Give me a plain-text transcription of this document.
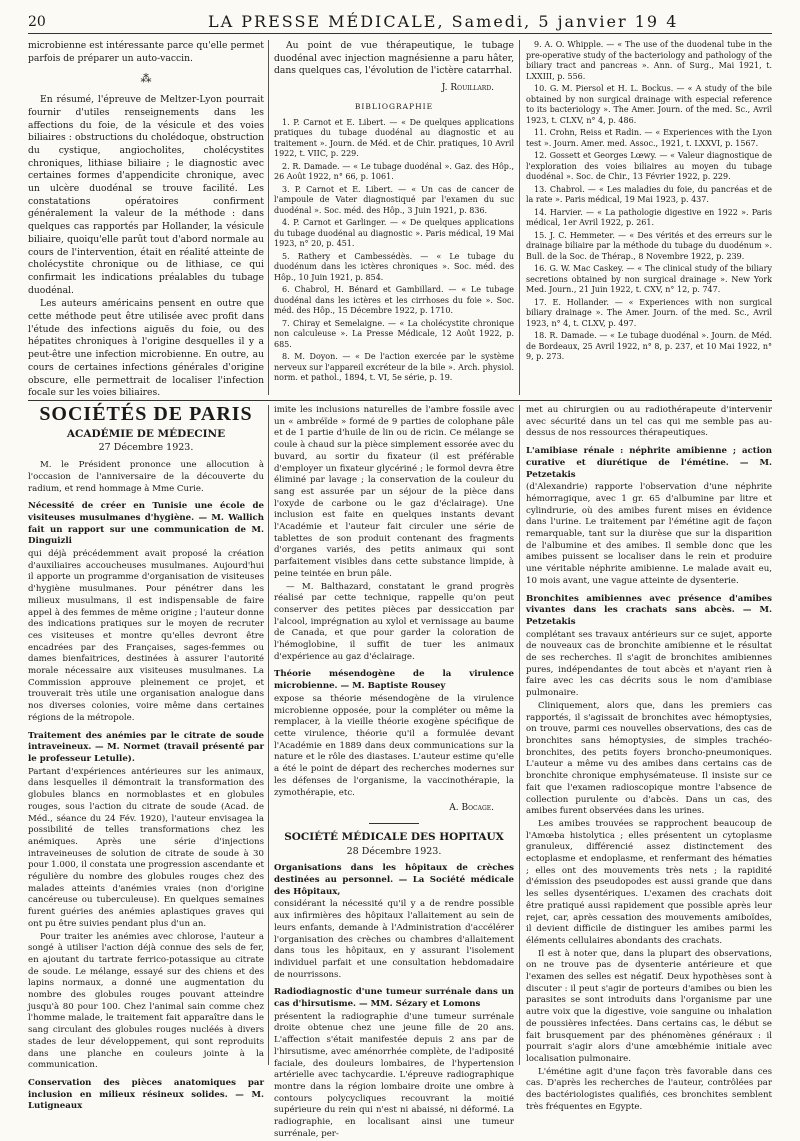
20	LA PRESSE MÉDICALE, Samedi, 5 janvier 19 4

microbienne est intéressante parce qu'elle permet parfois de préparer un auto-vaccin.

⁂

En résumé, l'épreuve de Meltzer-Lyon pourrait fournir d'utiles renseignements dans les affections du foie, de la vésicule et des voies biliaires : obstructions du cholédoque, obstruction du cystique, angiocholites, cholécystites chroniques, lithiase biliaire ; le diagnostic avec certaines formes d'appendicite chronique, avec un ulcère duodénal se trouve facilité. Les constatations opératoires confirment généralement la valeur de la méthode : dans quelques cas rapportés par Hollander, la vésicule biliaire, quoiqu'elle parût tout d'abord normale au cours de l'intervention, était en réalité atteinte de cholécystite chronique ou de lithiase, ce qui confirmait les indications préalables du tubage duodénal.

Les auteurs américains pensent en outre que cette méthode peut être utilisée avec profit dans l'étude des infections aiguës du foie, ou des hépatites chroniques à l'origine desquelles il y a peut-être une infection microbienne. En outre, au cours de certaines infections générales d'origine obscure, elle permettrait de localiser l'infection focale sur les voies biliaires.

Au point de vue thérapeutique, le tubage duodénal avec injection magnésienne a paru hâter, dans quelques cas, l'évolution de l'ictère catarrhal.

J. Rouillard.
BIBLIOGRAPHIE
1. P. Carnot et E. Libert. — « De quelques applications pratiques du tubage duodénal au diagnostic et au traitement ». Journ. de Méd. et de Chir. pratiques, 10 Avril 1922, t. VIIC, p. 229.
2. R. Damade. — « Le tubage duodénal ». Gaz. des Hôp., 26 Août 1922, n° 66, p. 1061.
3. P. Carnot et E. Libert. — « Un cas de cancer de l'ampoule de Vater diagnostiqué par l'examen du suc duodénal ». Soc. méd. des Hôp., 3 Juin 1921, p. 836.
4. P. Carnot et Garlinger. — « De quelques applications du tubage duodénal au diagnostic ». Paris médical, 19 Mai 1923, n° 20, p. 451.
5. Rathery et Cambessédès. — « Le tubage du duodénum dans les ictères chroniques ». Soc. méd. des Hôp., 10 Juin 1921, p. 854.
6. Chabrol, H. Bénard et Gambillard. — « Le tubage duodénal dans les ictères et les cirrhoses du foie ». Soc. méd. des Hôp., 15 Décembre 1922, p. 1710.
7. Chiray et Semelaigne. — « La cholécystite chronique non calculeuse ». La Presse Médicale, 12 Août 1922, p. 685.
8. M. Doyon. — « De l'action exercée par le système nerveux sur l'appareil excréteur de la bile ». Arch. physiol. norm. et pathol., 1894, t. VI, 5e série, p. 19.
9. A. O. Whipple. — « The use of the duodenal tube in the pre-operative study of the bacteriology and pathology of the biliary tract and pancreas ». Ann. of Surg., Mai 1921, t. LXXIII, p. 556.
10. G. M. Piersol et H. L. Bockus. — « A study of the bile obtained by non surgical drainage with especial reference to its bacteriology ». The Amer. Journ. of the med. Sc., Avril 1923, t. CLXV, n° 4, p. 486.
11. Crohn, Reiss et Radin. — « Experiences with the Lyon test ». Journ. Amer. med. Assoc., 1921, t. LXXVI, p. 1567.
12. Gossett et Georges Lœwy. — « Valeur diagnostique de l'exploration des voies biliaires au moyen du tubage duodénal ». Soc. de Chir., 13 Février 1922, p. 229.
13. Chabrol. — « Les maladies du foie, du pancréas et de la rate ». Paris médical, 19 Mai 1923, p. 437.
14. Harvier. — « La pathologie digestive en 1922 ». Paris médical, 1er Avril 1922, p. 261.
15. J. C. Hemmeter. — « Des vérités et des erreurs sur le drainage biliaire par la méthode du tubage du duodénum ». Bull. de la Soc. de Thérap., 8 Novembre 1922, p. 239.
16. G. W. Mac Caskey. — « The clinical study of the biliary secretions obtained by non surgical drainage ». New York Med. Journ., 21 Juin 1922, t. CXV, n° 12, p. 747.
17. E. Hollander. — « Experiences with non surgical biliary drainage ». The Amer. Journ. of the med. Sc., Avril 1923, n° 4, t. CLXV, p. 497.
18. R. Damade. — « Le tubage duodénal ». Journ. de Méd. de Bordeaux, 25 Avril 1922, n° 8, p. 237, et 10 Mai 1922, n° 9, p. 273.
SOCIÉTÉS DE PARIS
ACADÉMIE DE MÉDECINE
27 Décembre 1923.

M. le Président prononce une allocution à l'occasion de l'anniversaire de la découverte du radium, et rend hommage à Mme Curie.

Nécessité de créer en Tunisie une école de visiteuses musulmanes d'hygiène. — M. Wallich fait un rapport sur une communication de M. Dinguizli

qui déjà précédemment avait proposé la création d'auxiliaires accoucheuses musulmanes. Aujourd'hui il apporte un programme d'organisation de visiteuses d'hygiène musulmanes. Pour pénétrer dans les milieux musulmans, il est indispensable de faire appel à des femmes de même origine ; l'auteur donne des indications pratiques sur le moyen de recruter ces visiteuses et montre qu'elles devront être encadrées par des Françaises, sages-femmes ou dames bienfaitrices, destinées à assurer l'autorité morale nécessaire aux visiteuses musulmanes. La Commission approuve pleinement ce projet, et trouverait très utile une organisation analogue dans nos diverses colonies, voire même dans certaines régions de la métropole.

Traitement des anémies par le citrate de soude intraveineux. — M. Normet (travail présenté par le professeur Letulle).

Partant d'expériences antérieures sur les animaux, dans lesquelles il démontrait la transformation des globules blancs en normoblastes et en globules rouges, sous l'action du citrate de soude (Acad. de Méd., séance du 24 Fév. 1920), l'auteur envisagea la possibilité de telles transformations chez les anémiques. Après une série d'injections intraveineuses de solution de citrate de soude à 30 pour 1.000, il constata une progression ascendante et régulière du nombre des globules rouges chez des malades atteints d'anémies vraies (non d'origine cancéreuse ou tuberculeuse). En quelques semaines furent guéries des anémies aplastiques graves qui ont pu être suivies pendant plus d'un an.

Pour traiter les anémies avec chlorose, l'auteur a songé à utiliser l'action déjà connue des sels de fer, en ajoutant du tartrate ferrico-potassique au citrate de soude. Le mélange, essayé sur des chiens et des lapins normaux, a donné une augmentation du nombre des globules rouges pouvant atteindre jusqu'à 80 pour 100. Chez l'animal sain comme chez l'homme malade, le traitement fait apparaître dans le sang circulant des globules rouges nucléés à divers stades de leur développement, qui sont reproduits dans une planche en couleurs jointe à la communication.

Conservation des pièces anatomiques par inclusion en milieux résineux solides. — M. Lutigneaux

imite les inclusions naturelles de l'ambre fossile avec un « ambréïde » formé de 9 parties de colophane pâle et de 1 partie d'huile de lin ou de ricin. Ce mélange se coule à chaud sur la pièce simplement essorée avec du buvard, au sortir du fixateur (il est préférable d'employer un fixateur glycériné ; le formol devra être éliminé par lavage ; la conservation de la couleur du sang est assurée par un séjour de la pièce dans l'oxyde de carbone ou le gaz d'éclairage). Une inclusion est faite en quelques instants devant l'Académie et l'auteur fait circuler une série de tablettes de son produit contenant des fragments d'organes variés, des petits animaux qui sont parfaitement visibles dans cette substance limpide, à peine teintée en brun pâle.

— M. Balthazard, constatant le grand progrès réalisé par cette technique, rappelle qu'on peut conserver des petites pièces par dessiccation par l'alcool, imprégnation au xylol et vernissage au baume de Canada, et que pour garder la coloration de l'hémoglobine, il suffit de tuer les animaux d'expérience au gaz d'éclairage.

Théorie mésendogène de la virulence microbienne. — M. Baptiste Rousey

expose sa théorie mésendogène de la virulence microbienne opposée, pour la compléter ou même la remplacer, à la vieille théorie exogène spécifique de cette virulence, théorie qu'il a formulée devant l'Académie en 1889 dans deux communications sur la nature et le rôle des diastases. L'auteur estime qu'elle a été le point de départ des recherches modernes sur les défenses de l'organisme, la vaccinothérapie, la zymothérapie, etc.

A. Bocage.
SOCIÉTÉ MÉDICALE DES HOPITAUX
28 Décembre 1923.

Organisations dans les hôpitaux de crèches destinées au personnel. — La Société médicale des Hôpitaux,

considérant la nécessité qu'il y a de rendre possible aux infirmières des hôpitaux l'allaitement au sein de leurs enfants, demande à l'Administration d'accélérer l'organisation des crèches ou chambres d'allaitement dans tous les hôpitaux, en y assurant l'isolement individuel parfait et une consultation hebdomadaire de nourrissons.

Radiodiagnostic d'une tumeur surrénale dans un cas d'hirsutisme. — MM. Sézary et Lomons

présentent la radiographie d'une tumeur surrénale droite obtenue chez une jeune fille de 20 ans. L'affection s'était manifestée depuis 2 ans par de l'hirsutisme, avec aménorrhée complète, de l'adiposité faciale, des douleurs lombaires, de l'hypertension artérielle avec tachycardie. L'épreuve radiographique montre dans la région lombaire droite une ombre à contours polycycliques recouvrant la moitié supérieure du rein qui n'est ni abaissé, ni déformé. La radiographie, en localisant ainsi une tumeur surrénale, per-

met au chirurgien ou au radiothérapeute d'intervenir avec sécurité dans un tel cas qui me semble pas au-dessus de nos ressources thérapeutiques.

L'amibiase rénale : néphrite amibienne ; action curative et diurétique de l'émétine. — M. Petzetakis

(d'Alexandrie) rapporte l'observation d'une néphrite hémorragique, avec 1 gr. 65 d'albumine par litre et cylindrurie, où des amibes furent mises en évidence dans l'urine. Le traitement par l'émétine agit de façon remarquable, tant sur la diurèse que sur la disparition de l'albumine et des amibes. Il semble donc que les amibes puissent se localiser dans le rein et produire une véritable néphrite amibienne. Le malade avait eu, 10 mois avant, une vague atteinte de dysenterie.

Bronchites amibiennes avec présence d'amibes vivantes dans les crachats sans abcès. — M. Petzetakis

complétant ses travaux antérieurs sur ce sujet, apporte de nouveaux cas de bronchite amibienne et le résultat de ses recherches. Il s'agit de bronchites amibiennes pures, indépendantes de tout abcès et n'ayant rien à faire avec les cas décrits sous le nom d'amibiase pulmonaire.

Cliniquement, alors que, dans les premiers cas rapportés, il s'agissait de bronchites avec hémoptysies, on trouve, parmi ces nouvelles observations, des cas de bronchites sans hémoptysies, de simples trachéo-bronchites, des petits foyers broncho-pneumoniques. L'auteur a même vu des amibes dans certains cas de bronchite chronique emphysémateuse. Il insiste sur ce fait que l'examen radioscopique montre l'absence de collection purulente ou d'abcès. Dans un cas, des amibes furent observées dans les urines.

Les amibes trouvées se rapprochent beaucoup de l'Amœba histolytica ; elles présentent un cytoplasme granuleux, différencié assez distinctement des ectoplasme et endoplasme, et renfermant des hématies ; elles ont des mouvements très nets ; la rapidité d'émission des pseudopodes est aussi grande que dans les selles dysentériques. L'examen des crachats doit être pratiqué aussi rapidement que possible après leur rejet, car, après cessation des mouvements amiboïdes, il devient difficile de distinguer les amibes parmi les éléments cellulaires abondants des crachats.

Il est à noter que, dans la plupart des observations, on ne trouve pas de dysenterie antérieure et que l'examen des selles est négatif. Deux hypothèses sont à discuter : il peut s'agir de porteurs d'amibes ou bien les parasites se sont introduits dans l'organisme par une autre voix que la digestive, voie sanguine ou inhalation de poussières infectées. Dans certains cas, le début se fait brusquement par des phénomènes généraux : il pourrait s'agir alors d'une amœbhémie initiale avec localisation pulmonaire.

L'émétine agit d'une façon très favorable dans ces cas. D'après les recherches de l'auteur, contrôlées par des bactériologistes qualifiés, ces bronchites semblent très fréquentes en Egypte.
